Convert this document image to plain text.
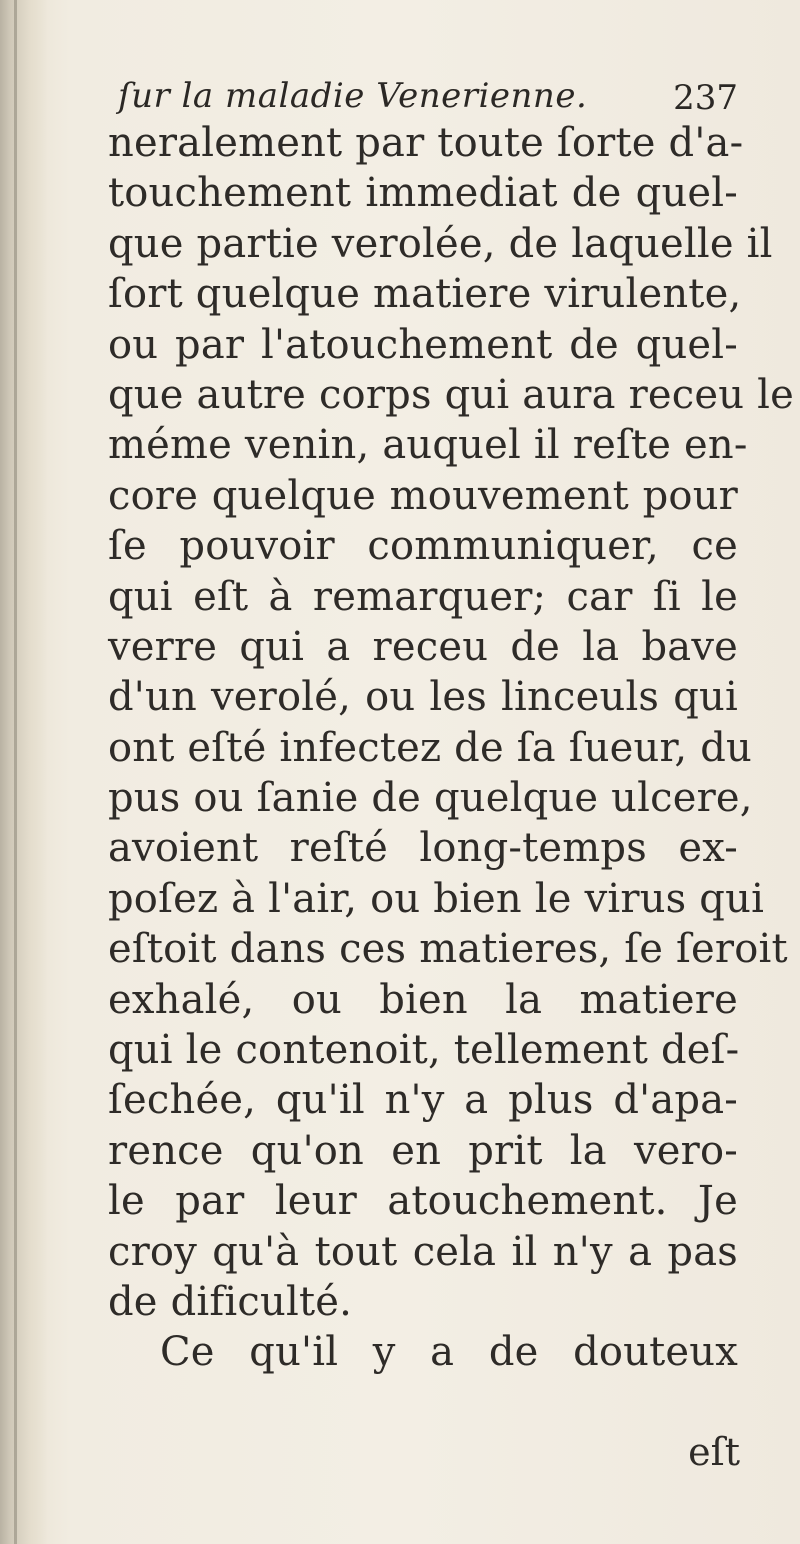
ſur la maladie Venerienne.	237
neralement par toute ſorte d'a-
touchement immediat de quel-
que partie verolée, de laquelle il
ſort quelque matiere virulente,
ou par l'atouchement de quel-
que autre corps qui aura receu le
méme venin, auquel il reſte en-
core quelque mouvement pour
ſe pouvoir communiquer, ce
qui eſt à remarquer; car ſi le
verre qui a receu de la bave
d'un verolé, ou les linceuls qui
ont eſté infectez de ſa ſueur, du
pus ou ſanie de quelque ulcere,
avoient reſté long-temps ex-
poſez à l'air, ou bien le virus qui
eſtoit dans ces matieres, ſe ſeroit
exhalé, ou bien la matiere
qui le contenoit, tellement deſ-
ſechée, qu'il n'y a plus d'apa-
rence qu'on en prit la vero-
le par leur atouchement. Je
croy qu'à tout cela il n'y a pas
de dificulté.
Ce qu'il y a de douteux
eſt
